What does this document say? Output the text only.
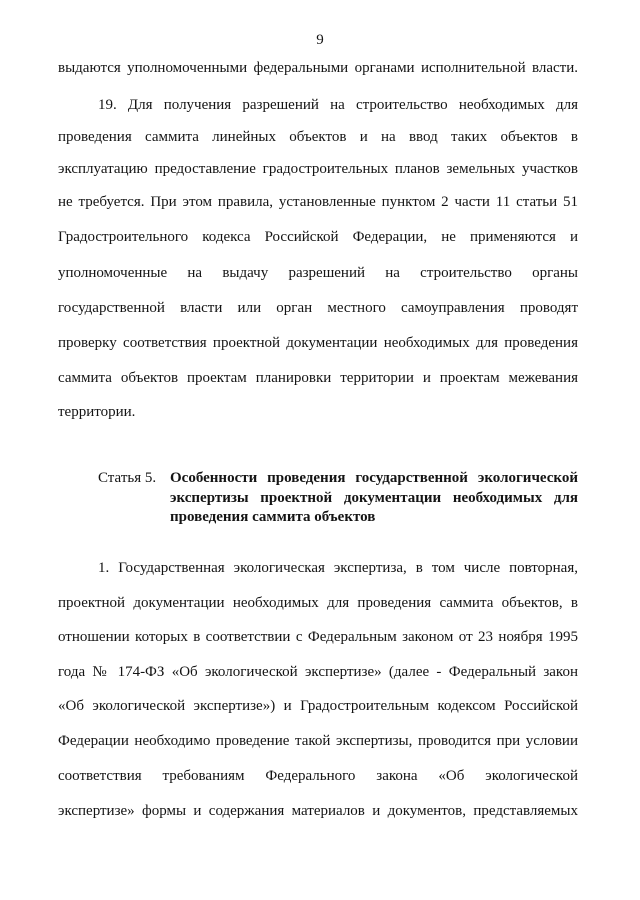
9
выдаются уполномоченными федеральными органами исполнительной власти.
19. Для получения разрешений на строительство необходимых для
проведения саммита линейных объектов и на ввод таких объектов в
эксплуатацию предоставление градостроительных планов земельных участков
не требуется. При этом правила, установленные пунктом 2 части 11 статьи 51
Градостроительного кодекса Российской Федерации, не применяются и
уполномоченные на выдачу разрешений на строительство органы
государственной власти или орган местного самоуправления проводят
проверку соответствия проектной документации необходимых для проведения
саммита объектов проектам планировки территории и проектам межевания
территории.
Статья 5. Особенности проведения государственной экологической
экспертизы проектной документации необходимых для
проведения саммита объектов
1. Государственная экологическая экспертиза, в том числе повторная,
проектной документации необходимых для проведения саммита объектов, в
отношении которых в соответствии с Федеральным законом от 23 ноября 1995
года № 174-ФЗ «Об экологической экспертизе» (далее - Федеральный закон
«Об экологической экспертизе») и Градостроительным кодексом Российской
Федерации необходимо проведение такой экспертизы, проводится при условии
соответствия требованиям Федерального закона «Об экологической
экспертизе» формы и содержания материалов и документов, представляемых
